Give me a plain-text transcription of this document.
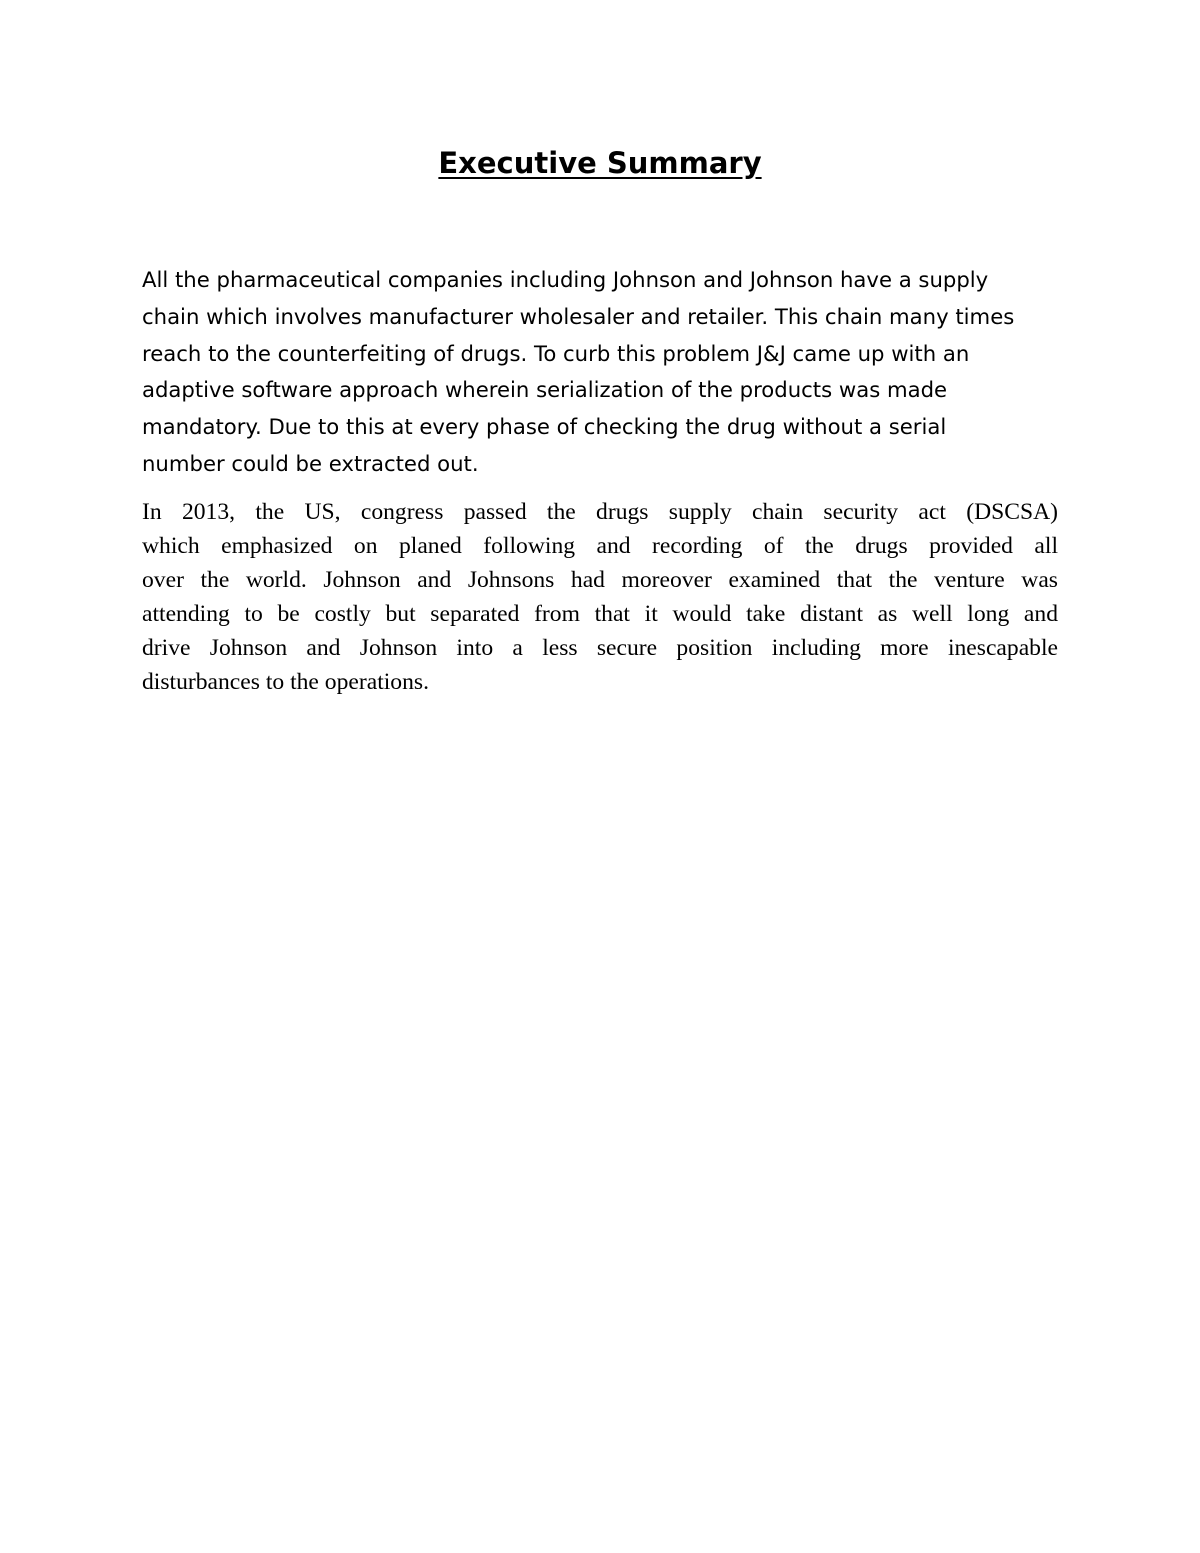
Executive Summary

All the pharmaceutical companies including Johnson and Johnson have a supply
chain which involves manufacturer wholesaler and retailer. This chain many times
reach to the counterfeiting of drugs. To curb this problem J&J came up with an
adaptive software approach wherein serialization of the products was made
mandatory. Due to this at every phase of checking the drug without a serial
number could be extracted out.

In 2013, the US, congress passed the drugs supply chain security act (DSCSA)
which emphasized on planed following and recording of the drugs provided all
over the world. Johnson and Johnsons had moreover examined that the venture was
attending to be costly but separated from that it would take distant as well long and
drive Johnson and Johnson into a less secure position including more inescapable
disturbances to the operations.
